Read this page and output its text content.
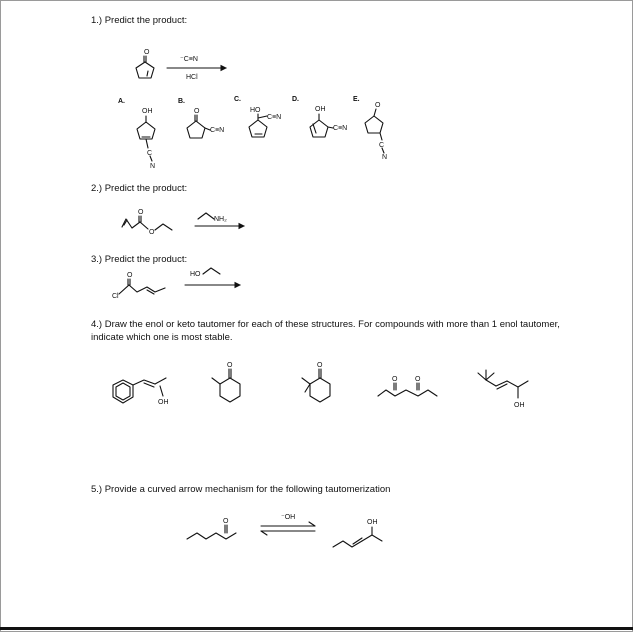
1.) Predict the product:
2.) Predict the product:
3.) Predict the product:
4.) Draw the enol or keto tautomer for each of these structures. For compounds with more than 1 enol tautomer, indicate which one is most stable.
5.) Provide a curved arrow mechanism for the following tautomerization
O
⁻C≡N
HCl
A.
OH
C
N
B.
O
C≡N
C.
HO
C≡N
D.
OH
C≡N
E.
O
C
N
O
O
NH₂
O
Cl
HO
OH
O	O
O	O
OH
O
⁻OH
OH
